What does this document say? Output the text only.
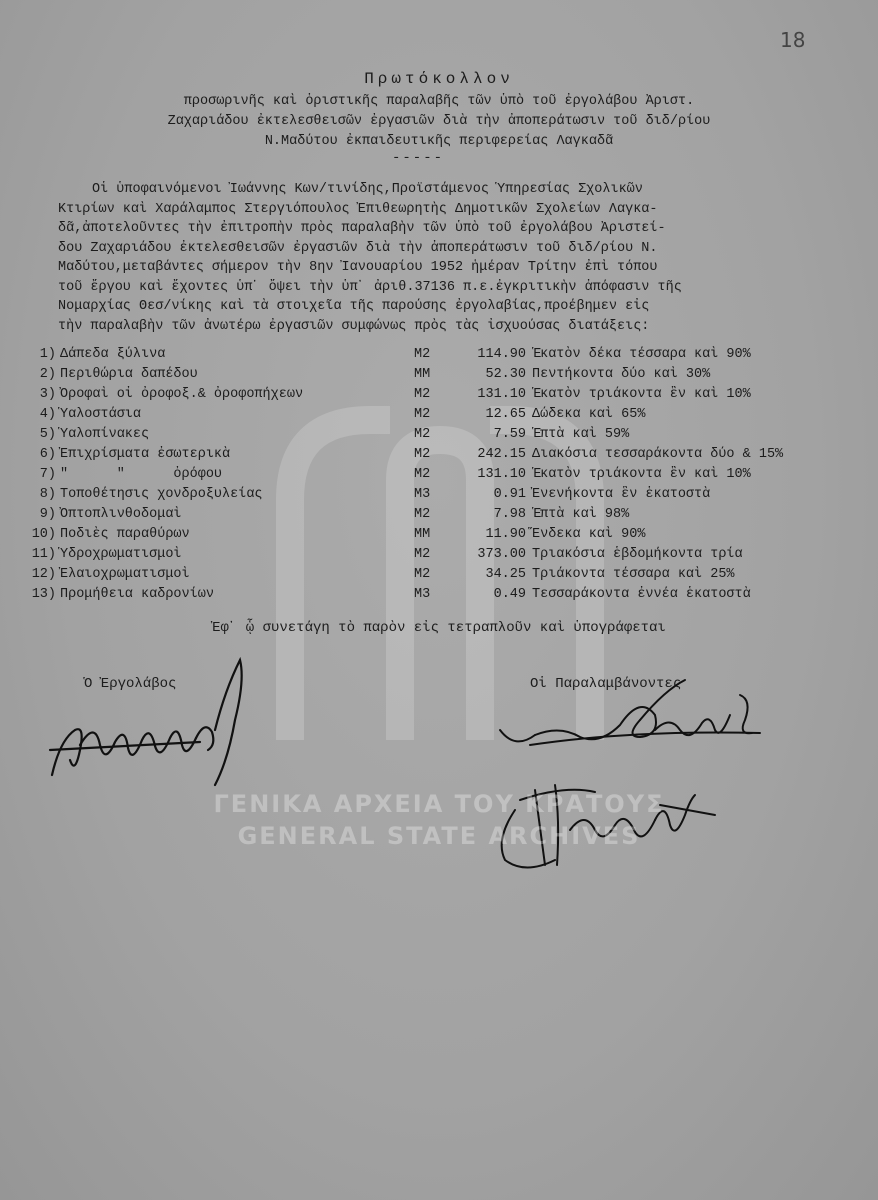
18
Πρωτόκολλον
προσωρινῆς καὶ ὁριστικῆς παραλαβῆς τῶν ὑπὸ τοῦ ἐργολάβου Ἀριστ.
Ζαχαριάδου ἐκτελεσθεισῶν ἐργασιῶν διὰ τὴν ἀποπεράτωσιν τοῦ διδ/ρίου
Ν.Μαδύτου ἐκπαιδευτικῆς περιφερείας Λαγκαδᾶ
-----
Οἱ ὑποφαινόμενοι Ἰωάννης Κων/τινίδης,Προϊστάμενος Ὑπηρεσίας Σχολικῶν
Κτιρίων καὶ Χαράλαμπος Στεργιόπουλος Ἐπιθεωρητὴς Δημοτικῶν Σχολείων Λαγκα-
δᾶ,ἀποτελοῦντες τὴν ἐπιτροπὴν πρὸς παραλαβὴν τῶν ὑπὸ τοῦ ἐργολάβου Ἀριστεί-
δου Ζαχαριάδου ἐκτελεσθεισῶν ἐργασιῶν διὰ τὴν ἀποπεράτωσιν τοῦ διδ/ρίου Ν.
Μαδύτου,μεταβάντες σήμερον τὴν 8ην Ἰανουαρίου 1952 ἡμέραν Τρίτην ἐπὶ τόπου
τοῦ ἔργου καὶ ἔχοντες ὑπ᾽ ὄψει τὴν ὑπ᾽ ἀριθ.37136 π.ε.ἐγκριτικὴν ἀπόφασιν τῆς
Νομαρχίας Θεσ/νίκης καὶ τὰ στοιχεῖα τῆς παρούσης ἐργολαβίας,προέβημεν εἰς
τὴν παραλαβὴν τῶν ἀνωτέρω ἐργασιῶν συμφώνως πρὸς τὰς ἰσχυούσας διατάξεις:
1) Δάπεδα ξύλινα	Μ2	114.90 Ἑκατὸν δέκα τέσσαρα καὶ 90%
2) Περιθώρια δαπέδου	ΜΜ	52.30 Πεντήκοντα δύο καὶ 30%
3) Ὀροφαὶ οἰ ὀροφοξ.& ὀροφοπήχεων	Μ2	131.10 Ἑκατὸν τριάκοντα ἓν καὶ 10%
4) Ὑαλοστάσια	Μ2	12.65 Δώδεκα καὶ 65%
5) Ὑαλοπίνακες	Μ2	7.59 Ἑπτὰ καὶ 59%
6) Ἐπιχρίσματα ἐσωτερικὰ	Μ2	242.15 Διακόσια τεσσαράκοντα δύο & 15%
7) "      "      ὀρόφου	Μ2	131.10 Ἑκατὸν τριάκοντα ἓν καὶ 10%
8) Τοποθέτησις χονδροξυλείας	Μ3	0.91 Ἐνενήκοντα ἓν ἑκατοστὰ
9) Ὀπτοπλινθοδομαὶ	Μ2	7.98 Ἑπτὰ καὶ 98%
10) Ποδιὲς παραθύρων	ΜΜ	11.90 Ἕνδεκα καὶ 90%
11) Ὑδροχρωματισμοὶ	Μ2	373.00 Τριακόσια ἑβδομήκοντα τρία
12) Ἐλαιοχρωματισμοὶ	Μ2	34.25 Τριάκοντα τέσσαρα καὶ 25%
13) Προμήθεια καδρονίων	Μ3	0.49 Τεσσαράκοντα ἐννέα ἑκατοστὰ
Ἐφ᾽ ᾧ συνετάγη τὸ παρὸν εἰς τετραπλοῦν καὶ ὑπογράφεται
Ὁ Ἐργολάβος	Οἱ Παραλαμβάνοντες
ΓΕΝΙΚΑ ΑΡΧΕΙΑ ΤΟΥ ΚΡΑΤΟΥΣ
GENERAL STATE ARCHIVES
